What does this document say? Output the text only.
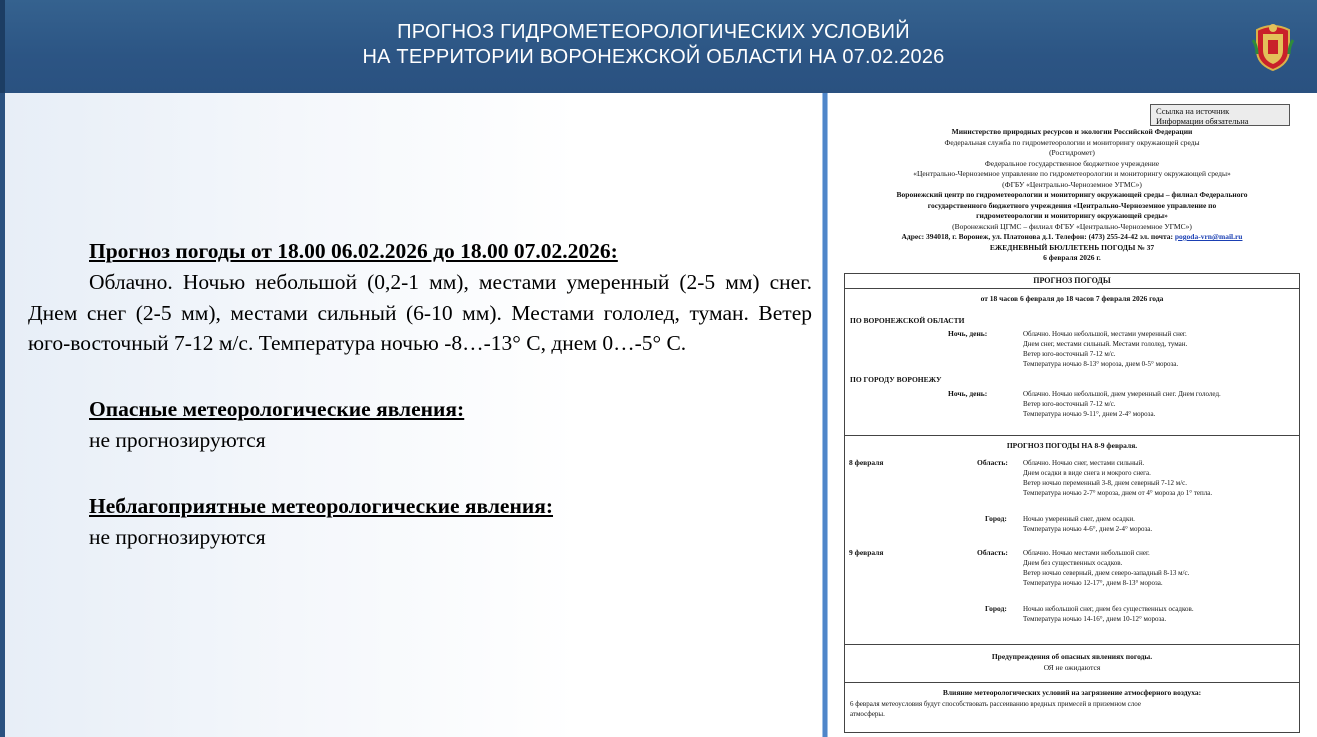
ПРОГНОЗ ГИДРОМЕТЕОРОЛОГИЧЕСКИХ УСЛОВИЙ
НА ТЕРРИТОРИИ ВОРОНЕЖСКОЙ ОБЛАСТИ НА 07.02.2026
Прогноз погоды от 18.00 06.02.2026 до 18.00 07.02.2026:
Облачно. Ночью небольшой (0,2-1 мм), местами умеренный (2-5 мм) снег. Днем снег (2-5 мм), местами сильный (6-10 мм). Местами гололед, туман. Ветер юго-восточный 7-12 м/с. Температура ночью -8…-13° С, днем 0…-5° С.
Опасные метеорологические явления:
не прогнозируются
Неблагоприятные метеорологические явления:
не прогнозируются
Ссылка на источник
Информации обязательна
Министерство природных ресурсов и экологии Российской Федерации
Федеральная служба по гидрометеорологии и мониторингу окружающей среды
(Росгидромет)
Федеральное государственное бюджетное учреждение
«Центрально-Черноземное управление по гидрометеорологии и мониторингу окружающей среды»
(ФГБУ «Центрально-Черноземное УГМС»)
Воронежский центр по гидрометеорологии и мониторингу окружающей среды – филиал Федерального
государственного бюджетного учреждения «Центрально-Черноземное управление по
гидрометеорологии и мониторингу окружающей среды»
(Воронежский ЦГМС – филиал ФГБУ «Центрально-Черноземное УГМС»)
Адрес: 394018, г. Воронеж, ул. Платонова д.1. Телефон: (473) 255-24-42 эл. почта: pogoda-vrn@mail.ru
ЕЖЕДНЕВНЫЙ БЮЛЛЕТЕНЬ ПОГОДЫ № 37
6 февраля 2026 г.
ПРОГНОЗ ПОГОДЫ
от 18 часов 6 февраля до 18 часов 7 февраля 2026 года
ПО ВОРОНЕЖСКОЙ ОБЛАСТИ
Ночь, день:	Облачно. Ночью небольшой, местами умеренный снег.
Днем снег, местами сильный. Местами гололед, туман.
Ветер юго-восточный 7-12 м/с.
Температура ночью 8-13° мороза, днем 0-5° мороза.
ПО ГОРОДУ ВОРОНЕЖУ
Ночь, день:	Облачно. Ночью небольшой, днем умеренный снег. Днем гололед.
Ветер юго-восточный 7-12 м/с.
Температура ночью 9-11°, днем 2-4° мороза.
ПРОГНОЗ ПОГОДЫ НА 8-9 февраля.
8 февраля	Область: Облачно. Ночью снег, местами сильный.
Днем осадки в виде снега и мокрого снега.
Ветер ночью переменный 3-8, днем северный 7-12 м/с.
Температура ночью 2-7° мороза, днем от 4° мороза до 1° тепла.
Город: Ночью умеренный снег, днем осадки.
Температура ночью 4-6°, днем 2-4° мороза.
9 февраля	Область: Облачно. Ночью местами небольшой снег.
Днем без существенных осадков.
Ветер ночью северный, днем северо-западный 8-13 м/с.
Температура ночью 12-17°, днем 8-13° мороза.
Город: Ночью небольшой снег, днем без существенных осадков.
Температура ночью 14-16°, днем 10-12° мороза.
Предупреждения об опасных явлениях погоды.
ОЯ не ожидаются
Влияние метеорологических условий на загрязнение атмосферного воздуха:
6 февраля метеоусловия будут способствовать рассеиванию вредных примесей в приземном слое
атмосферы.
